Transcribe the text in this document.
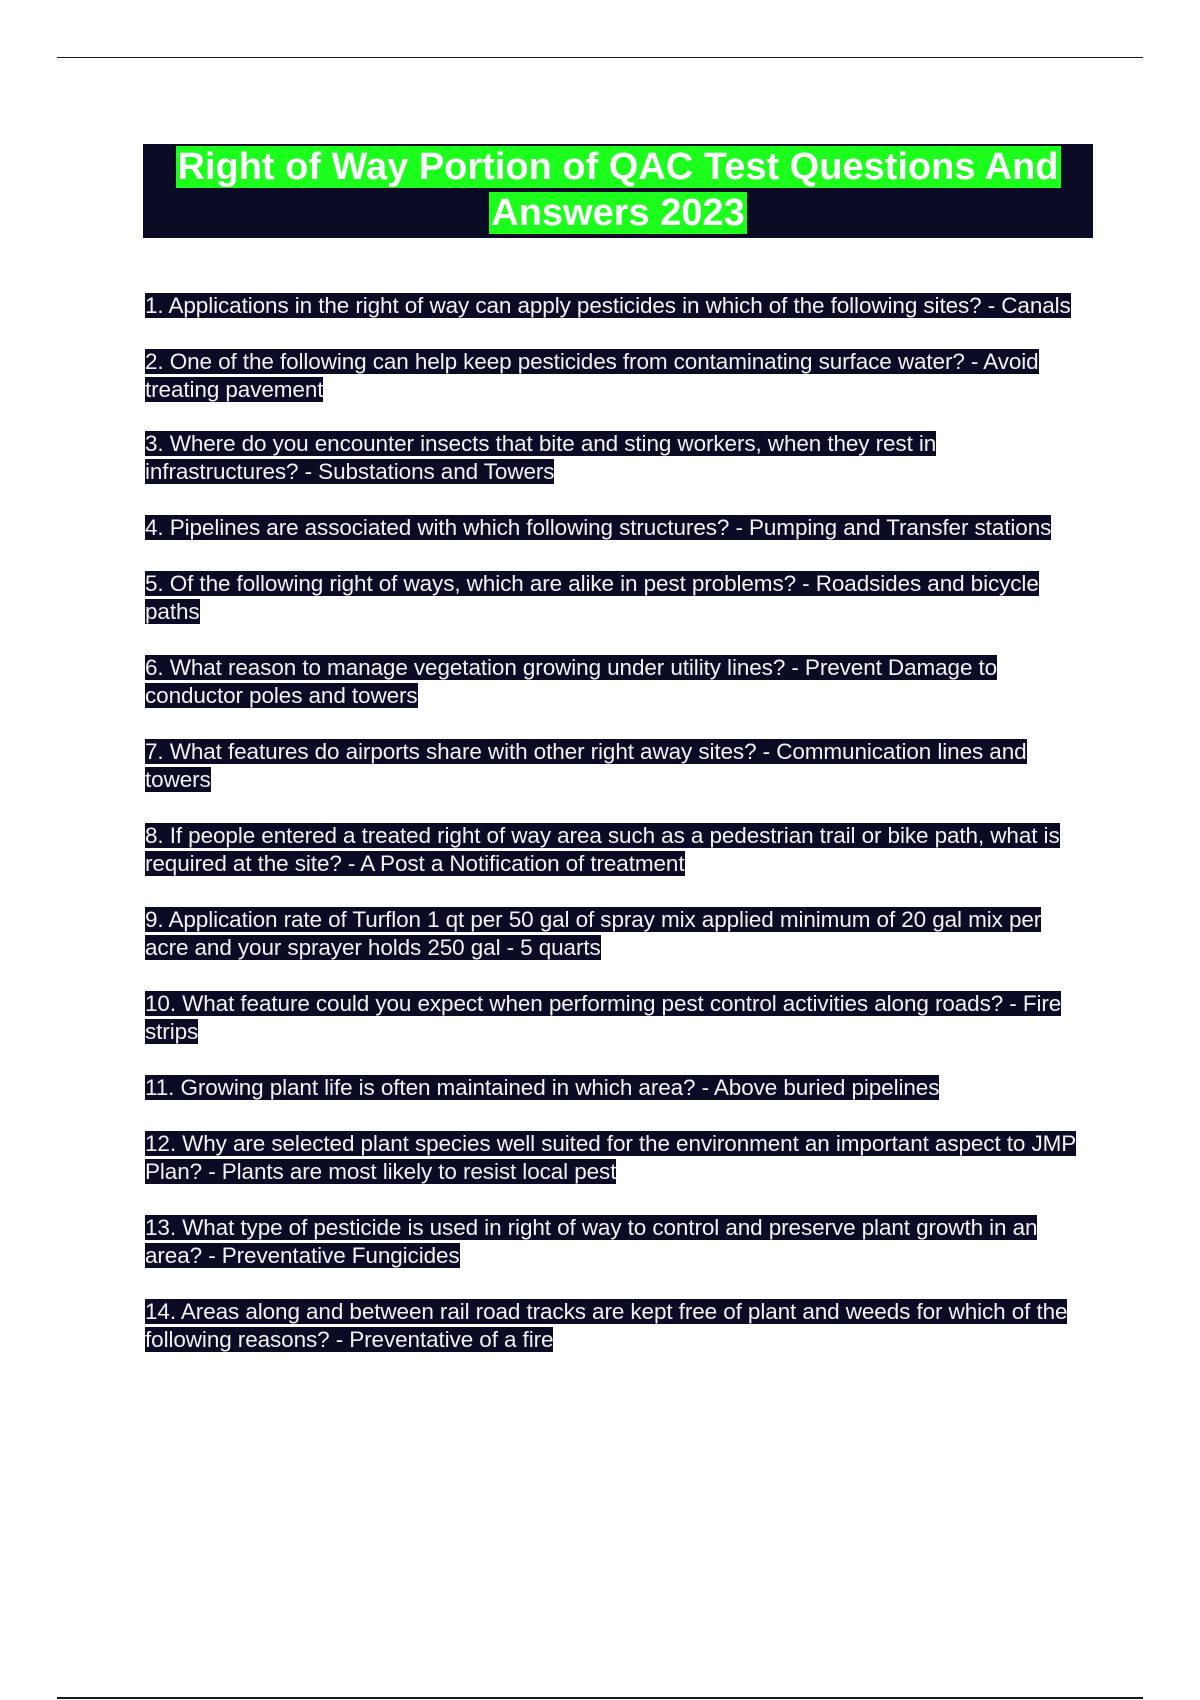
Right of Way Portion of QAC Test Questions And
Answers 2023

1. Applications in the right of way can apply pesticides in which of the following sites? - Canals

2. One of the following can help keep pesticides from contaminating surface water? - Avoid treating pavement

3. Where do you encounter insects that bite and sting workers, when they rest in infrastructures? - Substations and Towers

4. Pipelines are associated with which following structures? - Pumping and Transfer stations

5. Of the following right of ways, which are alike in pest problems? - Roadsides and bicycle paths

6. What reason to manage vegetation growing under utility lines? - Prevent Damage to conductor poles and towers

7. What features do airports share with other right away sites? - Communication lines and towers

8. If people entered a treated right of way area such as a pedestrian trail or bike path, what is required at the site? - A Post a Notification of treatment

9. Application rate of Turflon 1 qt per 50 gal of spray mix applied minimum of 20 gal mix per acre and your sprayer holds 250 gal - 5 quarts

10. What feature could you expect when performing pest control activities along roads? - Fire strips

11. Growing plant life is often maintained in which area? - Above buried pipelines

12. Why are selected plant species well suited for the environment an important aspect to JMP Plan? - Plants are most likely to resist local pest

13. What type of pesticide is used in right of way to control and preserve plant growth in an area? - Preventative Fungicides

14. Areas along and between rail road tracks are kept free of plant and weeds for which of the following reasons? - Preventative of a fire
